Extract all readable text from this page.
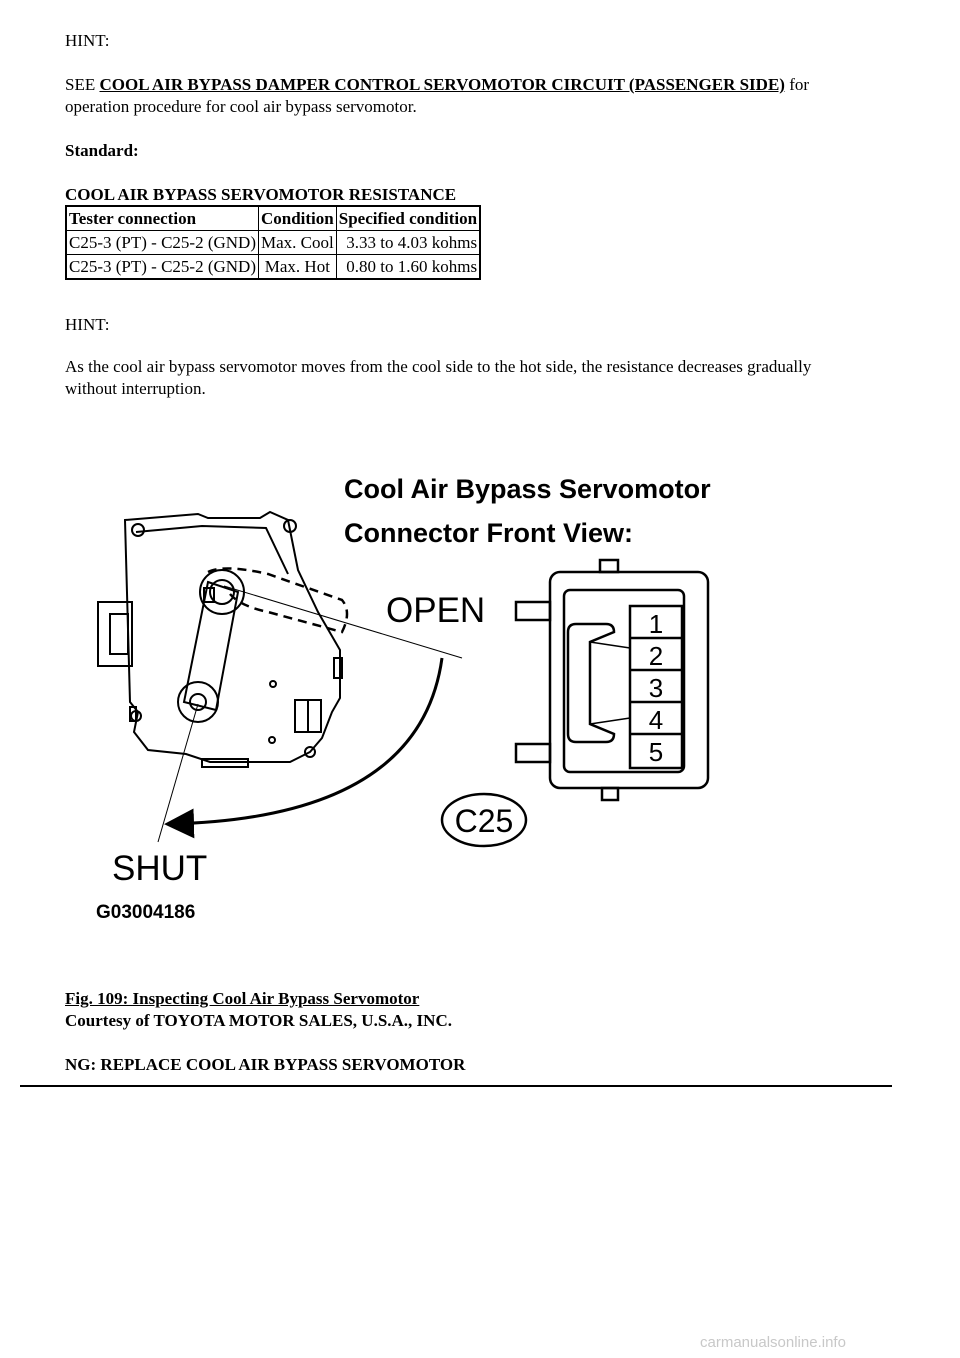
HINT:

SEE COOL AIR BYPASS DAMPER CONTROL SERVOMOTOR CIRCUIT (PASSENGER SIDE) for operation procedure for cool air bypass servomotor.

Standard:

COOL AIR BYPASS SERVOMOTOR RESISTANCE

Tester connection	Condition	Specified condition
C25-3 (PT) - C25-2 (GND)	Max. Cool	3.33 to 4.03 kohms
C25-3 (PT) - C25-2 (GND)	Max. Hot	0.80 to 1.60 kohms

HINT:

As the cool air bypass servomotor moves from the cool side to the hot side, the resistance decreases gradually without interruption.

Cool Air Bypass Servomotor
Connector Front View:
OPEN
SHUT
G03004186
1
2
3
4
5
C25

Fig. 109: Inspecting Cool Air Bypass Servomotor

Courtesy of TOYOTA MOTOR SALES, U.S.A., INC.

NG: REPLACE COOL AIR BYPASS SERVOMOTOR

carmanualsonline.info
